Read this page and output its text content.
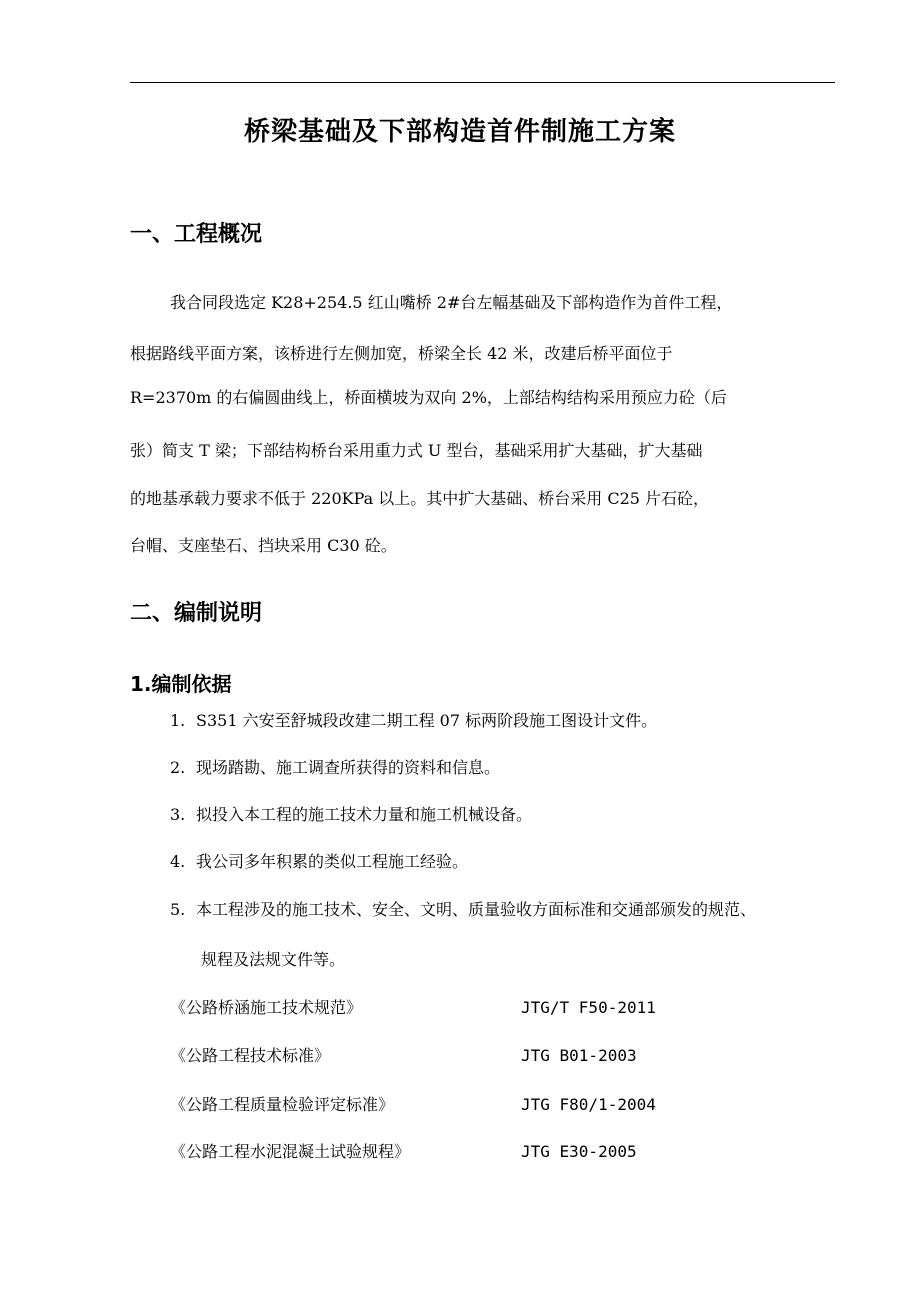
桥梁基础及下部构造首件制施工方案
一、工程概况
我合同段选定 K28+254.5 红山嘴桥 2#台左幅基础及下部构造作为首件工程，
根据路线平面方案，该桥进行左侧加宽，桥梁全长 42 米，改建后桥平面位于
R=2370m 的右偏圆曲线上，桥面横坡为双向 2%，上部结构结构采用预应力砼（后
张）简支 T 梁；下部结构桥台采用重力式 U 型台，基础采用扩大基础，扩大基础
的地基承载力要求不低于 220KPa 以上。其中扩大基础、桥台采用 C25 片石砼，
台帽、支座垫石、挡块采用 C30 砼。
二、编制说明
1.编制依据
1. S351 六安至舒城段改建二期工程 07 标两阶段施工图设计文件。
2. 现场踏勘、施工调查所获得的资料和信息。
3. 拟投入本工程的施工技术力量和施工机械设备。
4. 我公司多年积累的类似工程施工经验。
5. 本工程涉及的施工技术、安全、文明、质量验收方面标准和交通部颁发的规范、
规程及法规文件等。
《公路桥涵施工技术规范》	JTG/T F50-2011
《公路工程技术标准》	JTG B01-2003
《公路工程质量检验评定标准》	JTG F80/1-2004
《公路工程水泥混凝土试验规程》	JTG E30-2005
